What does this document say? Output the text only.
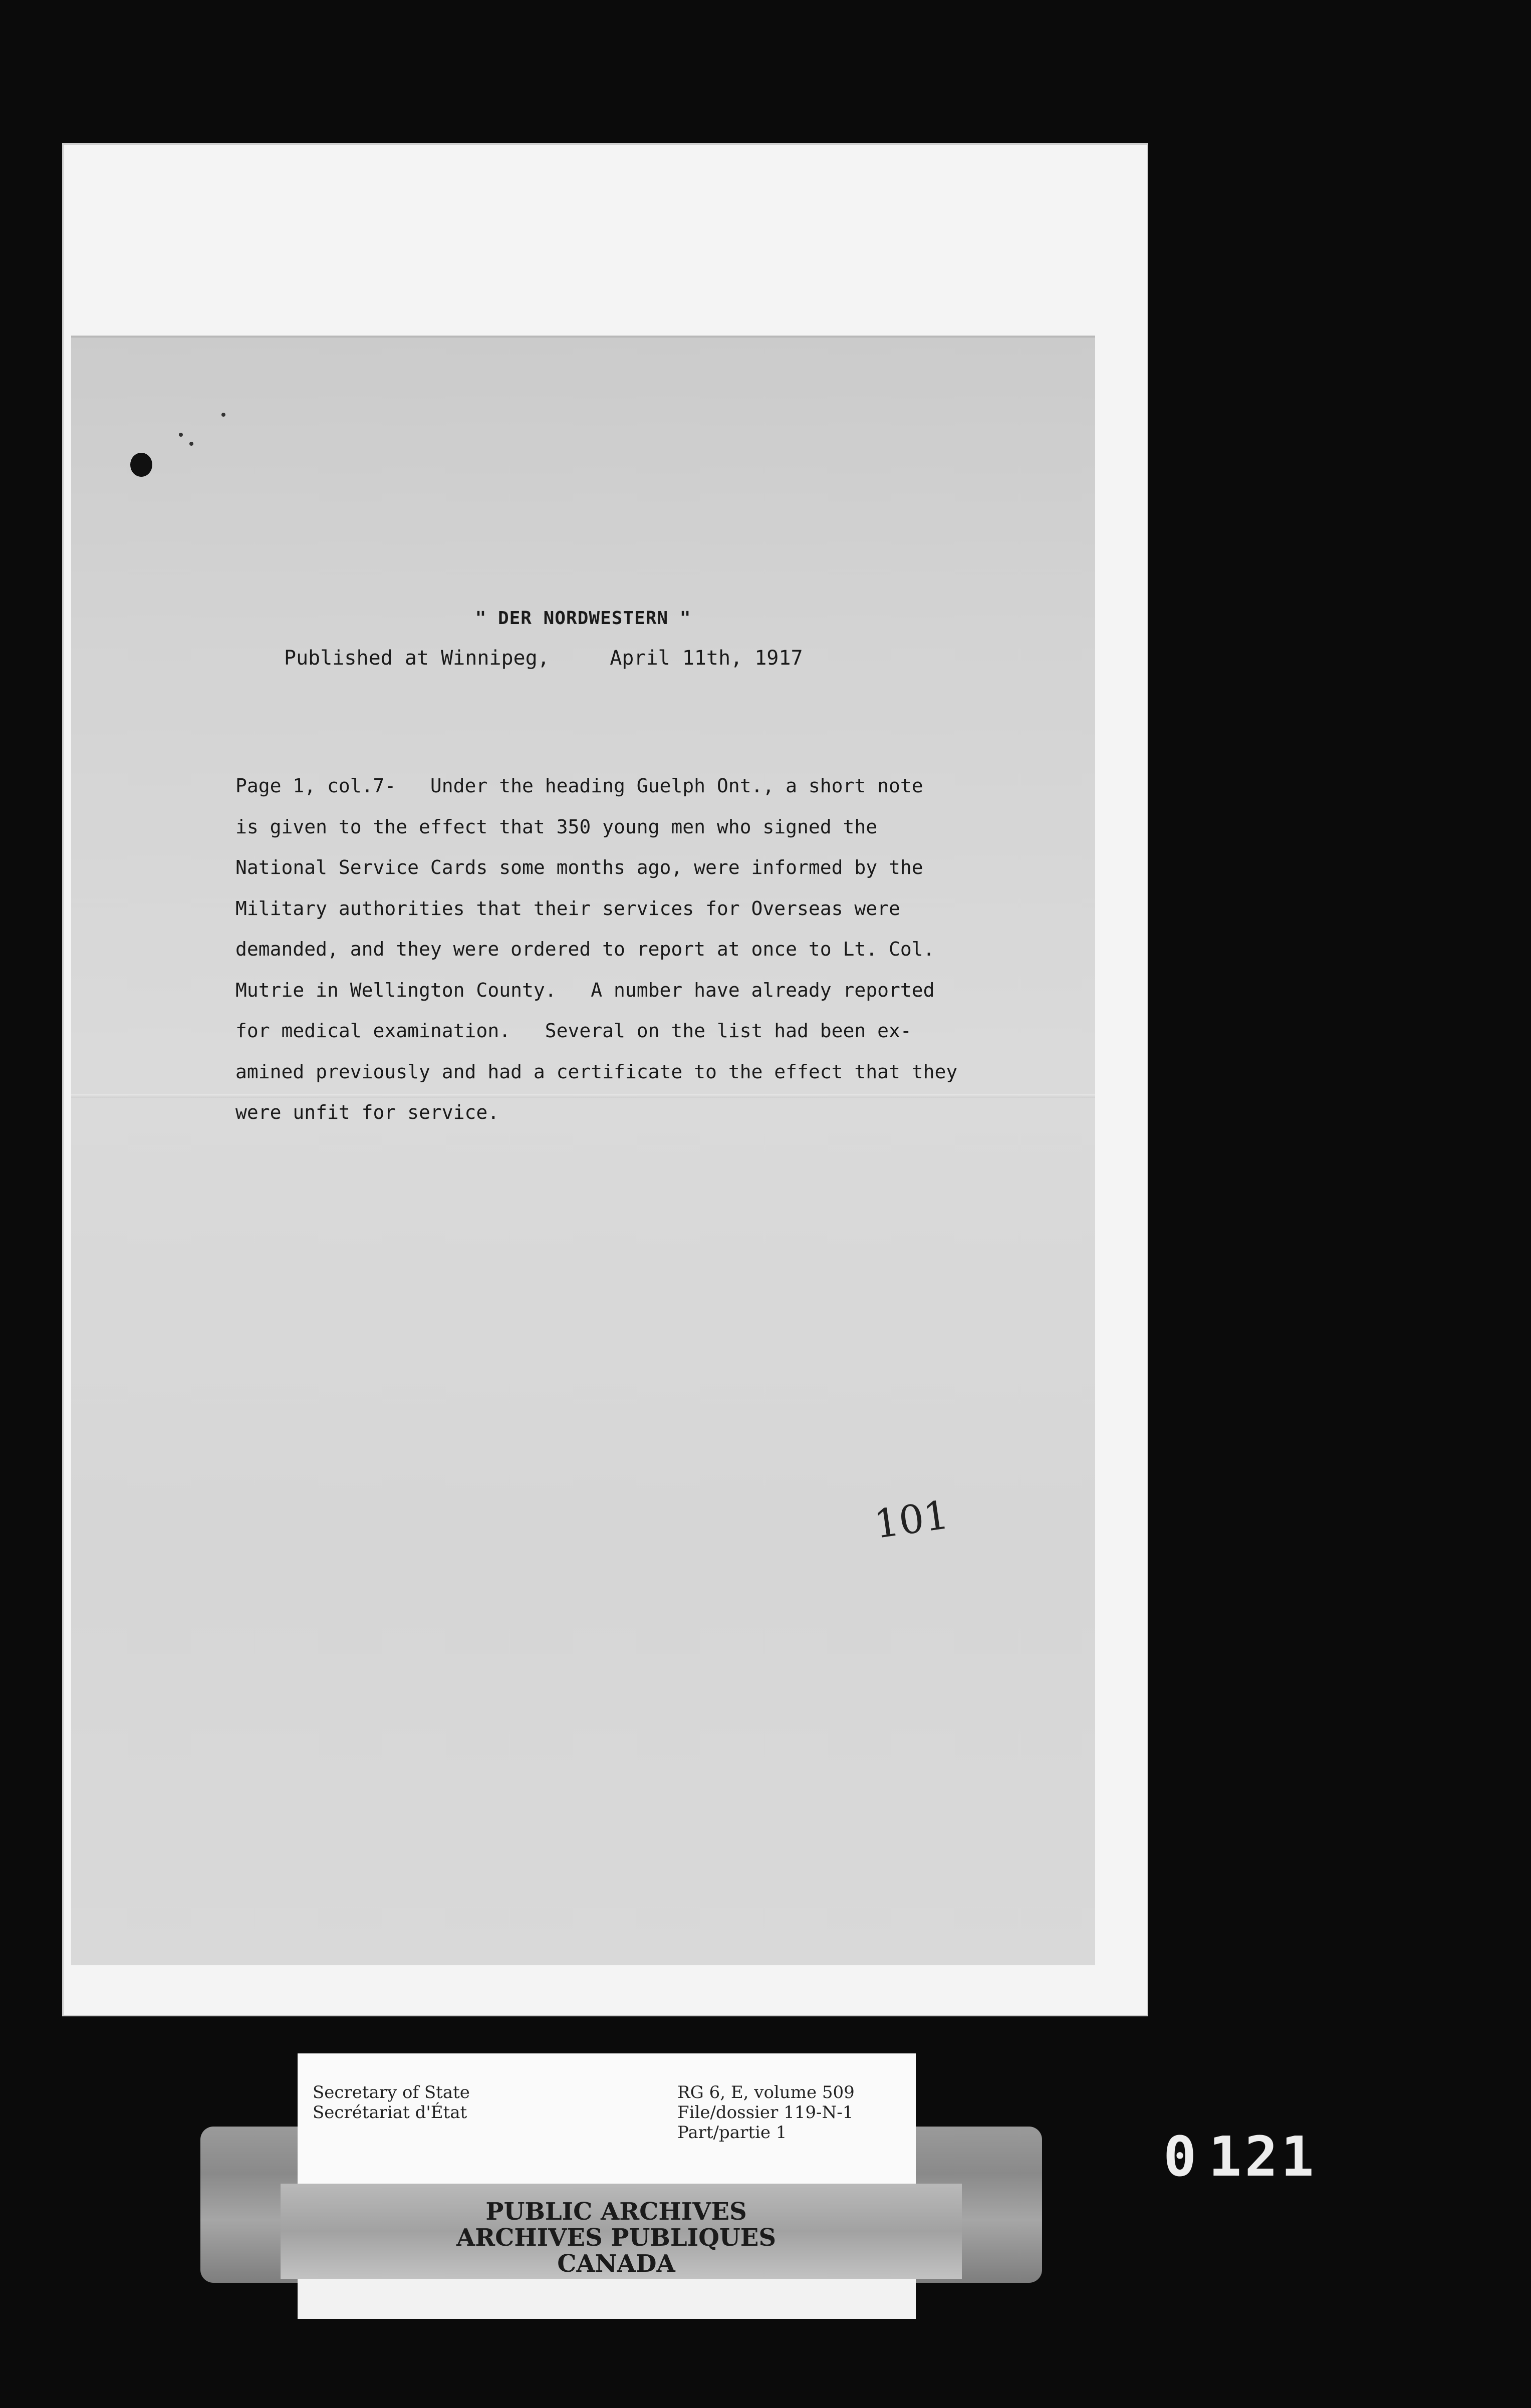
" DER NORDWESTERN "
Published at Winnipeg,     April 11th, 1917
Page 1, col.7-   Under the heading Guelph Ont., a short note
is given to the effect that 350 young men who signed the
National Service Cards some months ago, were informed by the
Military authorities that their services for Overseas were
demanded, and they were ordered to report at once to Lt. Col.
Mutrie in Wellington County.   A number have already reported
for medical examination.   Several on the list had been ex-
amined previously and had a certificate to the effect that they
were unfit for service.
101
Secretary of State
Secrétariat d'État
RG 6, E, volume 509
File/dossier 119-N-1
Part/partie 1
PUBLIC ARCHIVES
ARCHIVES PUBLIQUES
CANADA
0 121
